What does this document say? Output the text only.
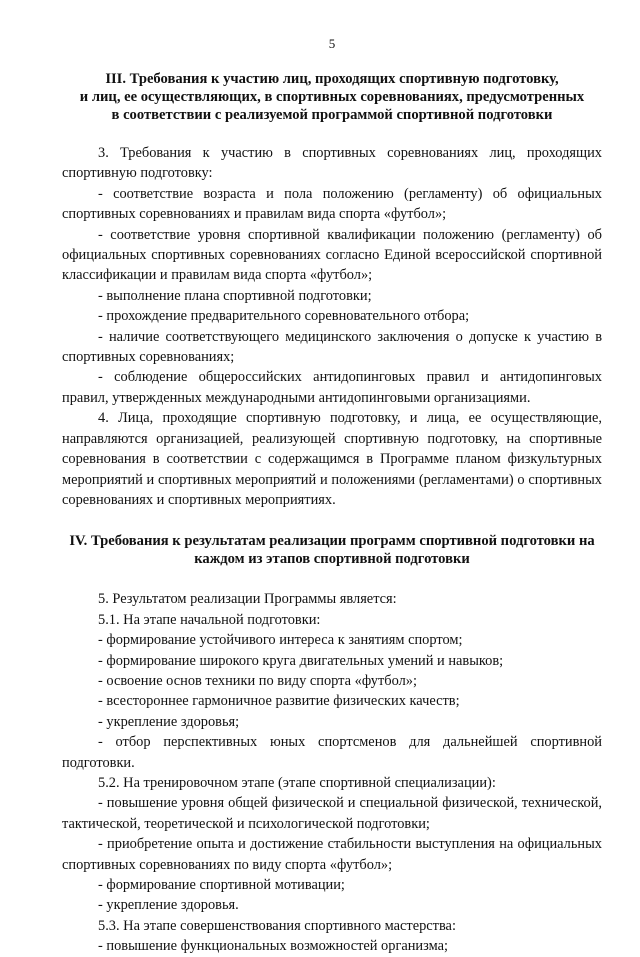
5
III. Требования к участию лиц, проходящих спортивную подготовку,
и лиц, ее осуществляющих, в спортивных соревнованиях, предусмотренных
в соответствии с реализуемой программой спортивной подготовки

3. Требования к участию в спортивных соревнованиях лиц, проходящих спортивную подготовку:

- соответствие возраста и пола положению (регламенту) об официальных спортивных соревнованиях и правилам вида спорта «футбол»;

- соответствие уровня спортивной квалификации положению (регламенту) об официальных спортивных соревнованиях согласно Единой всероссийской спортивной классификации и правилам вида спорта «футбол»;

- выполнение плана спортивной подготовки;

- прохождение предварительного соревновательного отбора;

- наличие соответствующего медицинского заключения о допуске к участию в спортивных соревнованиях;

- соблюдение общероссийских антидопинговых правил и антидопинговых правил, утвержденных международными антидопинговыми организациями.

4. Лица, проходящие спортивную подготовку, и лица, ее осуществляющие, направляются организацией, реализующей спортивную подготовку, на спортивные соревнования в соответствии с содержащимся в Программе планом физкультурных мероприятий и спортивных мероприятий и положениями (регламентами) о спортивных соревнованиях и спортивных мероприятиях.

IV. Требования к результатам реализации программ спортивной подготовки на
каждом из этапов спортивной подготовки

5. Результатом реализации Программы является:

5.1. На этапе начальной подготовки:

- формирование устойчивого интереса к занятиям спортом;

- формирование широкого круга двигательных умений и навыков;

- освоение основ техники по виду спорта «футбол»;

- всестороннее гармоничное развитие физических качеств;

- укрепление здоровья;

- отбор перспективных юных спортсменов для дальнейшей спортивной подготовки.

5.2. На тренировочном этапе (этапе спортивной специализации):

- повышение уровня общей физической и специальной физической, технической, тактической, теоретической и психологической подготовки;

- приобретение опыта и достижение стабильности выступления на официальных спортивных соревнованиях по виду спорта «футбол»;

- формирование спортивной мотивации;

- укрепление здоровья.

5.3. На этапе совершенствования спортивного мастерства:

- повышение функциональных возможностей организма;
